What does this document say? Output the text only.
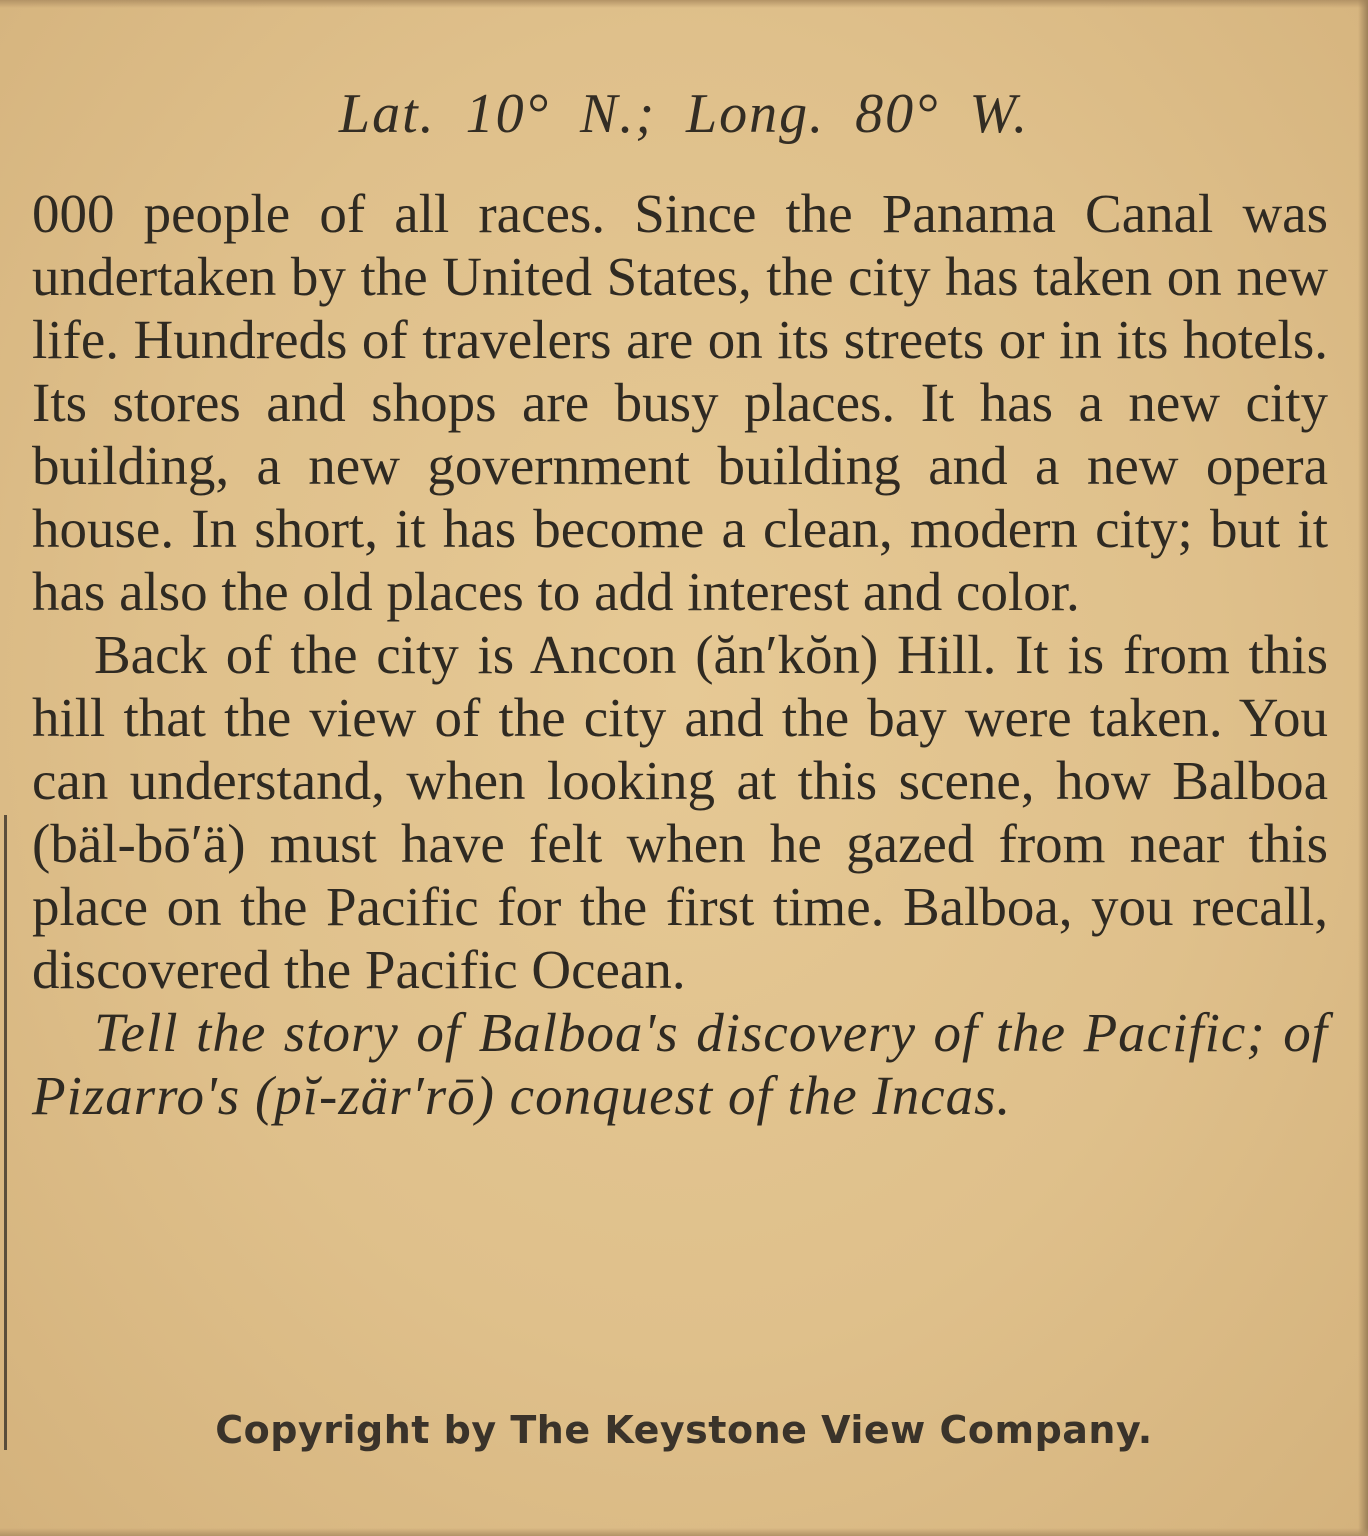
Lat. 10° N.; Long. 80° W.

000 people of all races. Since the Panama Canal was undertaken by the United States, the city has taken on new life. Hundreds of travelers are on its streets or in its hotels. Its stores and shops are busy places. It has a new city building, a new government building and a new opera house. In short, it has become a clean, modern city; but it has also the old places to add interest and color.

Back of the city is Ancon (ăn′kŏn) Hill. It is from this hill that the view of the city and the bay were taken. You can understand, when looking at this scene, how Balboa (bäl-bō′ä) must have felt when he gazed from near this place on the Pacific for the first time. Balboa, you recall, discovered the Pacific Ocean.

Tell the story of Balboa's discovery of the Pacific; of Pizarro's (pĭ-zär′rō) conquest of the Incas.

Copyright by The Keystone View Company.
